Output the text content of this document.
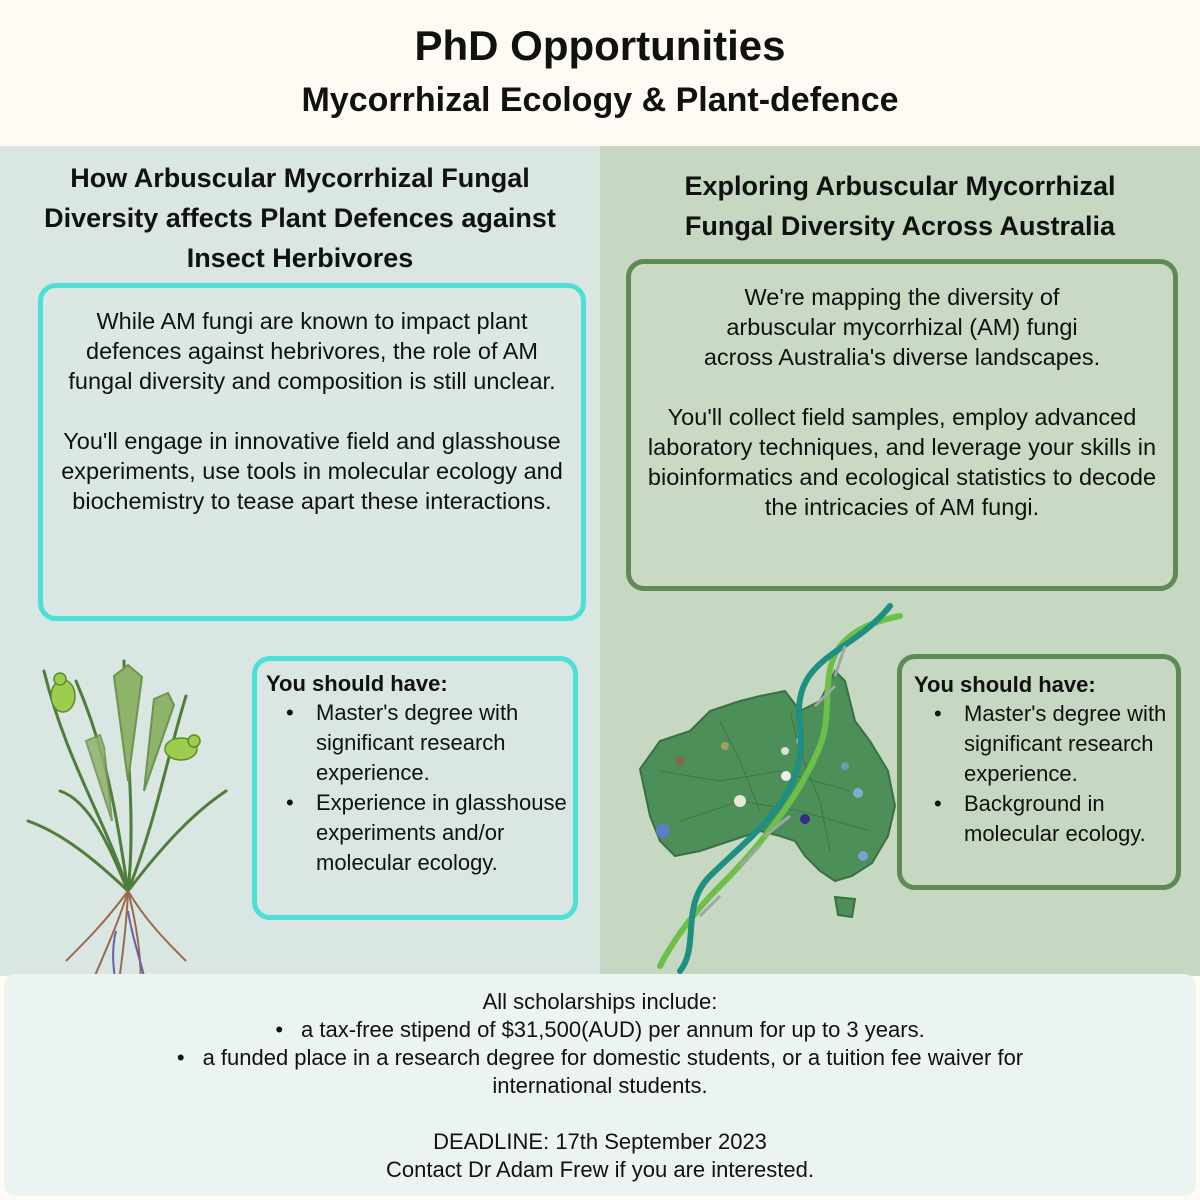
PhD Opportunities
Mycorrhizal Ecology & Plant-defence
How Arbuscular Mycorrhizal Fungal Diversity affects Plant Defences against Insect Herbivores

While AM fungi are known to impact plant defences against hebrivores, the role of AM fungal diversity and composition is still unclear.

You'll engage in innovative field and glasshouse experiments, use tools in molecular ecology and biochemistry to tease apart these interactions.

You should have:
• Master's degree with significant research experience.
• Experience in glasshouse experiments and/or molecular ecology.
Exploring Arbuscular Mycorrhizal Fungal Diversity Across Australia

We're mapping the diversity of arbuscular mycorrhizal (AM) fungi across Australia's diverse landscapes.

You'll collect field samples, employ advanced laboratory techniques, and leverage your skills in bioinformatics and ecological statistics to decode the intricacies of AM fungi.

You should have:
• Master's degree with significant research experience.
• Background in molecular ecology.
All scholarships include:
• a tax-free stipend of $31,500(AUD) per annum for up to 3 years.
• a funded place in a research degree for domestic students, or a tuition fee waiver for international students.
DEADLINE: 17th September 2023
Contact Dr Adam Frew if you are interested.
